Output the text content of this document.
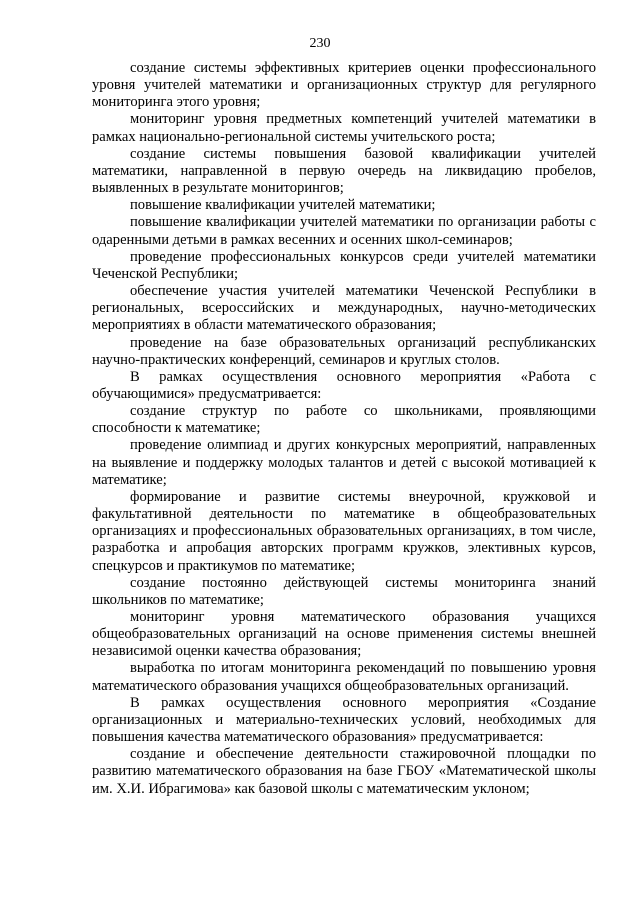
230

создание системы эффективных критериев оценки профессионального уровня учителей математики и организационных структур для регулярного мониторинга этого уровня;

мониторинг уровня предметных компетенций учителей математики в рамках национально-региональной системы учительского роста;

создание системы повышения базовой квалификации учителей математики, направленной в первую очередь на ликвидацию пробелов, выявленных в результате мониторингов;

повышение квалификации учителей математики;

повышение квалификации учителей математики по организации работы с одаренными детьми в рамках весенних и осенних школ-семинаров;

проведение профессиональных конкурсов среди учителей математики Чеченской Республики;

обеспечение участия учителей математики Чеченской Республики в региональных, всероссийских и международных, научно-методических мероприятиях в области математического образования;

проведение на базе образовательных организаций республиканских научно-практических конференций, семинаров и круглых столов.

В рамках осуществления основного мероприятия «Работа с обучающимися» предусматривается:

создание структур по работе со школьниками, проявляющими способности к математике;

проведение олимпиад и других конкурсных мероприятий, направленных на выявление и поддержку молодых талантов и детей с высокой мотивацией к математике;

формирование и развитие системы внеурочной, кружковой и факультативной деятельности по математике в общеобразовательных организациях и профессиональных образовательных организациях, в том числе, разработка и апробация авторских программ кружков, элективных курсов, спецкурсов и практикумов по математике;

создание постоянно действующей системы мониторинга знаний школьников по математике;

мониторинг уровня математического образования учащихся общеобразовательных организаций на основе применения системы внешней независимой оценки качества образования;

выработка по итогам мониторинга рекомендаций по повышению уровня математического образования учащихся общеобразовательных организаций.

В рамках осуществления основного мероприятия «Создание организационных и материально-технических условий, необходимых для повышения качества математического образования» предусматривается:

создание и обеспечение деятельности стажировочной площадки по развитию математического образования на базе ГБОУ «Математической школы им. Х.И. Ибрагимова» как базовой школы с математическим уклоном;
